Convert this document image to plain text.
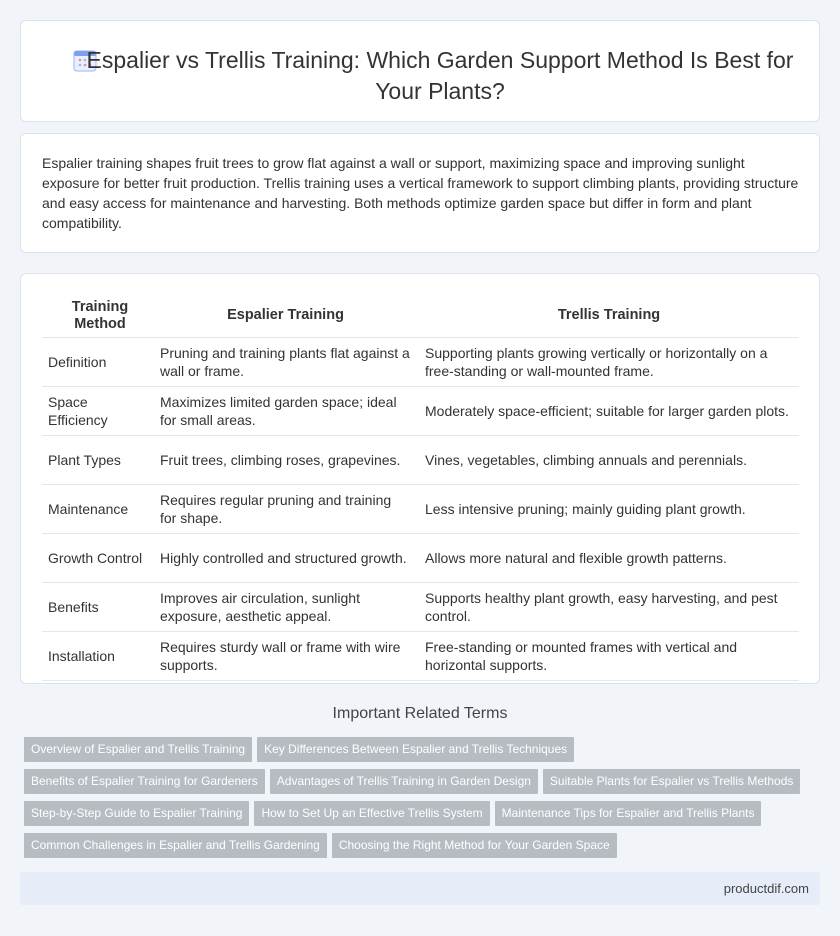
Espalier vs Trellis Training: Which Garden Support Method Is Best for Your Plants?

Espalier training shapes fruit trees to grow flat against a wall or support, maximizing space and improving sunlight exposure for better fruit production. Trellis training uses a vertical framework to support climbing plants, providing structure and easy access for maintenance and harvesting. Both methods optimize garden space but differ in form and plant compatibility.

Training Method		Espalier Training		Trellis Training
Definition		Pruning and training plants flat against a wall or frame.		Supporting plants growing vertically or horizontally on a free-standing or wall-mounted frame.
Space Efficiency		Maximizes limited garden space; ideal for small areas.		Moderately space-efficient; suitable for larger garden plots.
Plant Types		Fruit trees, climbing roses, grapevines.		Vines, vegetables, climbing annuals and perennials.
Maintenance		Requires regular pruning and training for shape.		Less intensive pruning; mainly guiding plant growth.
Growth Control		Highly controlled and structured growth.		Allows more natural and flexible growth patterns.
Benefits		Improves air circulation, sunlight exposure, aesthetic appeal.		Supports healthy plant growth, easy harvesting, and pest control.
Installation		Requires sturdy wall or frame with wire supports.		Free-standing or mounted frames with vertical and horizontal supports.
Important Related Terms
Overview of Espalier and Trellis Training Key Differences Between Espalier and Trellis Techniques
Benefits of Espalier Training for Gardeners Advantages of Trellis Training in Garden Design Suitable Plants for Espalier vs Trellis Methods
Step-by-Step Guide to Espalier Training How to Set Up an Effective Trellis System Maintenance Tips for Espalier and Trellis Plants
Common Challenges in Espalier and Trellis Gardening Choosing the Right Method for Your Garden Space
productdif.com
